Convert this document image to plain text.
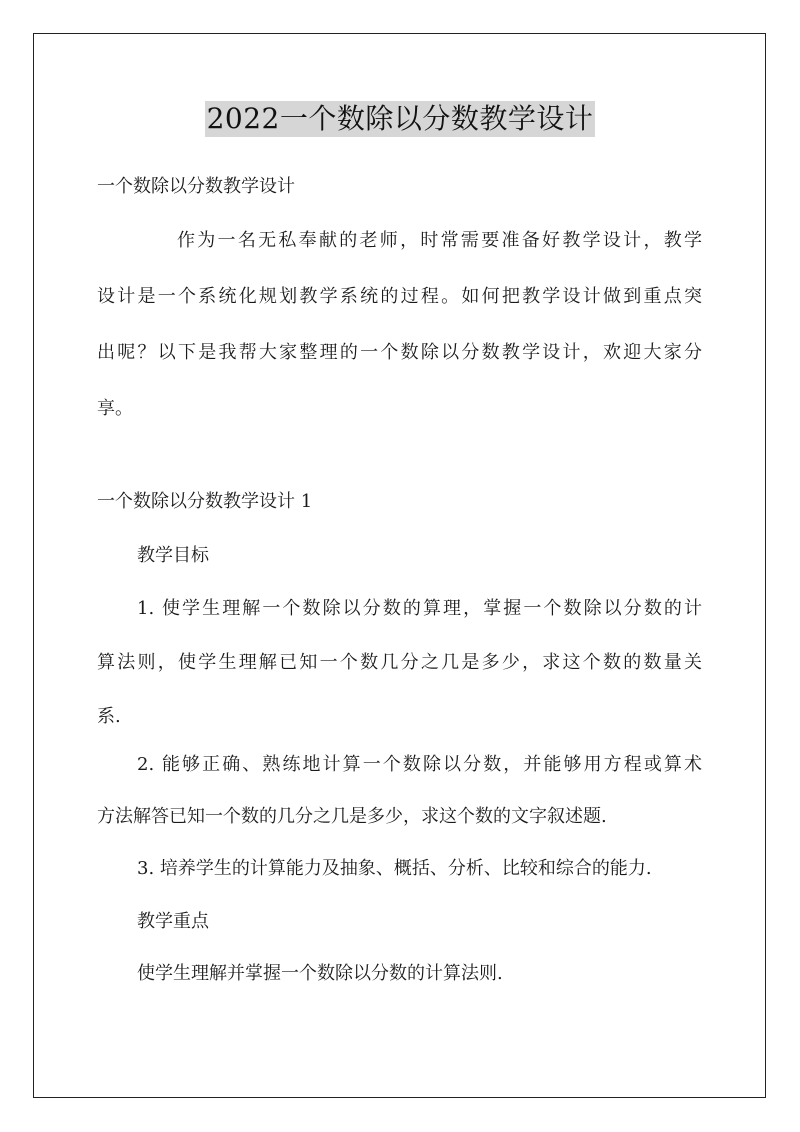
2022一个数除以分数教学设计
一个数除以分数教学设计
作为一名无私奉献的老师，时常需要准备好教学设计，教学
设计是一个系统化规划教学系统的过程。如何把教学设计做到重点突
出呢？以下是我帮大家整理的一个数除以分数教学设计，欢迎大家分
享。
一个数除以分数教学设计 1
教学目标
1. 使学生理解一个数除以分数的算理，掌握一个数除以分数的计
算法则，使学生理解已知一个数几分之几是多少，求这个数的数量关
系.
2. 能够正确、熟练地计算一个数除以分数，并能够用方程或算术
方法解答已知一个数的几分之几是多少，求这个数的文字叙述题.
3. 培养学生的计算能力及抽象、概括、分析、比较和综合的能力.
教学重点
使学生理解并掌握一个数除以分数的计算法则.
